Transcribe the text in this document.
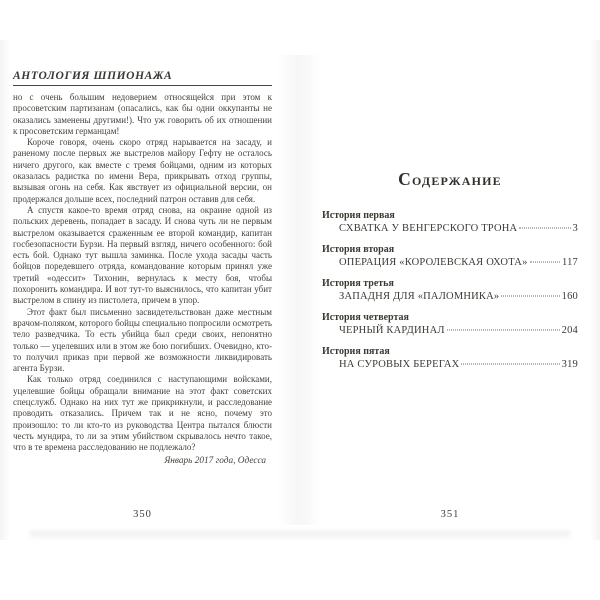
АНТОЛОГИЯ ШПИОНАЖА

но с очень большим недоверием относящейся при этом к просоветским партизанам (опасались, как бы одни оккупанты не оказались заменены другими!). Что уж говорить об их отношении к просоветским германцам!

Короче говоря, очень скоро отряд нарывается на засаду, и раненому после первых же выстрелов майору Гефту не осталось ничего другого, как вместе с тремя бойцами, одним из которых оказалась радистка по имени Вера, прикрывать отход группы, вызывая огонь на себя. Как явствует из официальной версии, он продержался дольше всех, последний патрон оставив для себя.

А спустя какое-то время отряд снова, на окраине одной из польских деревень, попадает в засаду. И снова чуть ли не первым выстрелом оказывается сраженным ее второй командир, капитан госбезопасности Бурзи. На первый взгляд, ничего особенного: бой есть бой. Однако тут вышла заминка. После ухода засады часть бойцов поредевшего отряда, командование которым принял уже третий «одессит» Тихонин, вернулась к месту боя, чтобы похоронить командира. И вот тут-то выяснилось, что капитан убит выстрелом в спину из пистолета, причем в упор.

Этот факт был письменно засвидетельствован даже местным врачом-поляком, которого бойцы специально попросили осмотреть тело разведчика. То есть убийца был среди своих, непонятно только — уцелевших или в этом же бою погибших. Очевидно, кто-то получил приказ при первой же возможности ликвидировать агента Бурзи.

Как только отряд соединился с наступающими войсками, уцелевшие бойцы обращали внимание на этот факт советских спецслужб. Однако на них тут же прикрикнули, и расследование проводить отказались. Причем так и не ясно, почему это произошло: то ли кто-то из руководства Центра пытался блюсти честь мундира, то ли за этим убийством скрывалось нечто такое, что в те времена расследованию не подлежало?

Январь 2017 года, Одесса
Содержание
История первая
СХВАТКА У ВЕНГЕРСКОГО ТРОНА	3
История вторая
ОПЕРАЦИЯ «КОРОЛЕВСКАЯ ОХОТА»	117
История третья
ЗАПАДНЯ ДЛЯ «ПАЛОМНИКА»	160
История четвертая
ЧЕРНЫЙ КАРДИНАЛ	204
История пятая
НА СУРОВЫХ БЕРЕГАХ	319
350	351
